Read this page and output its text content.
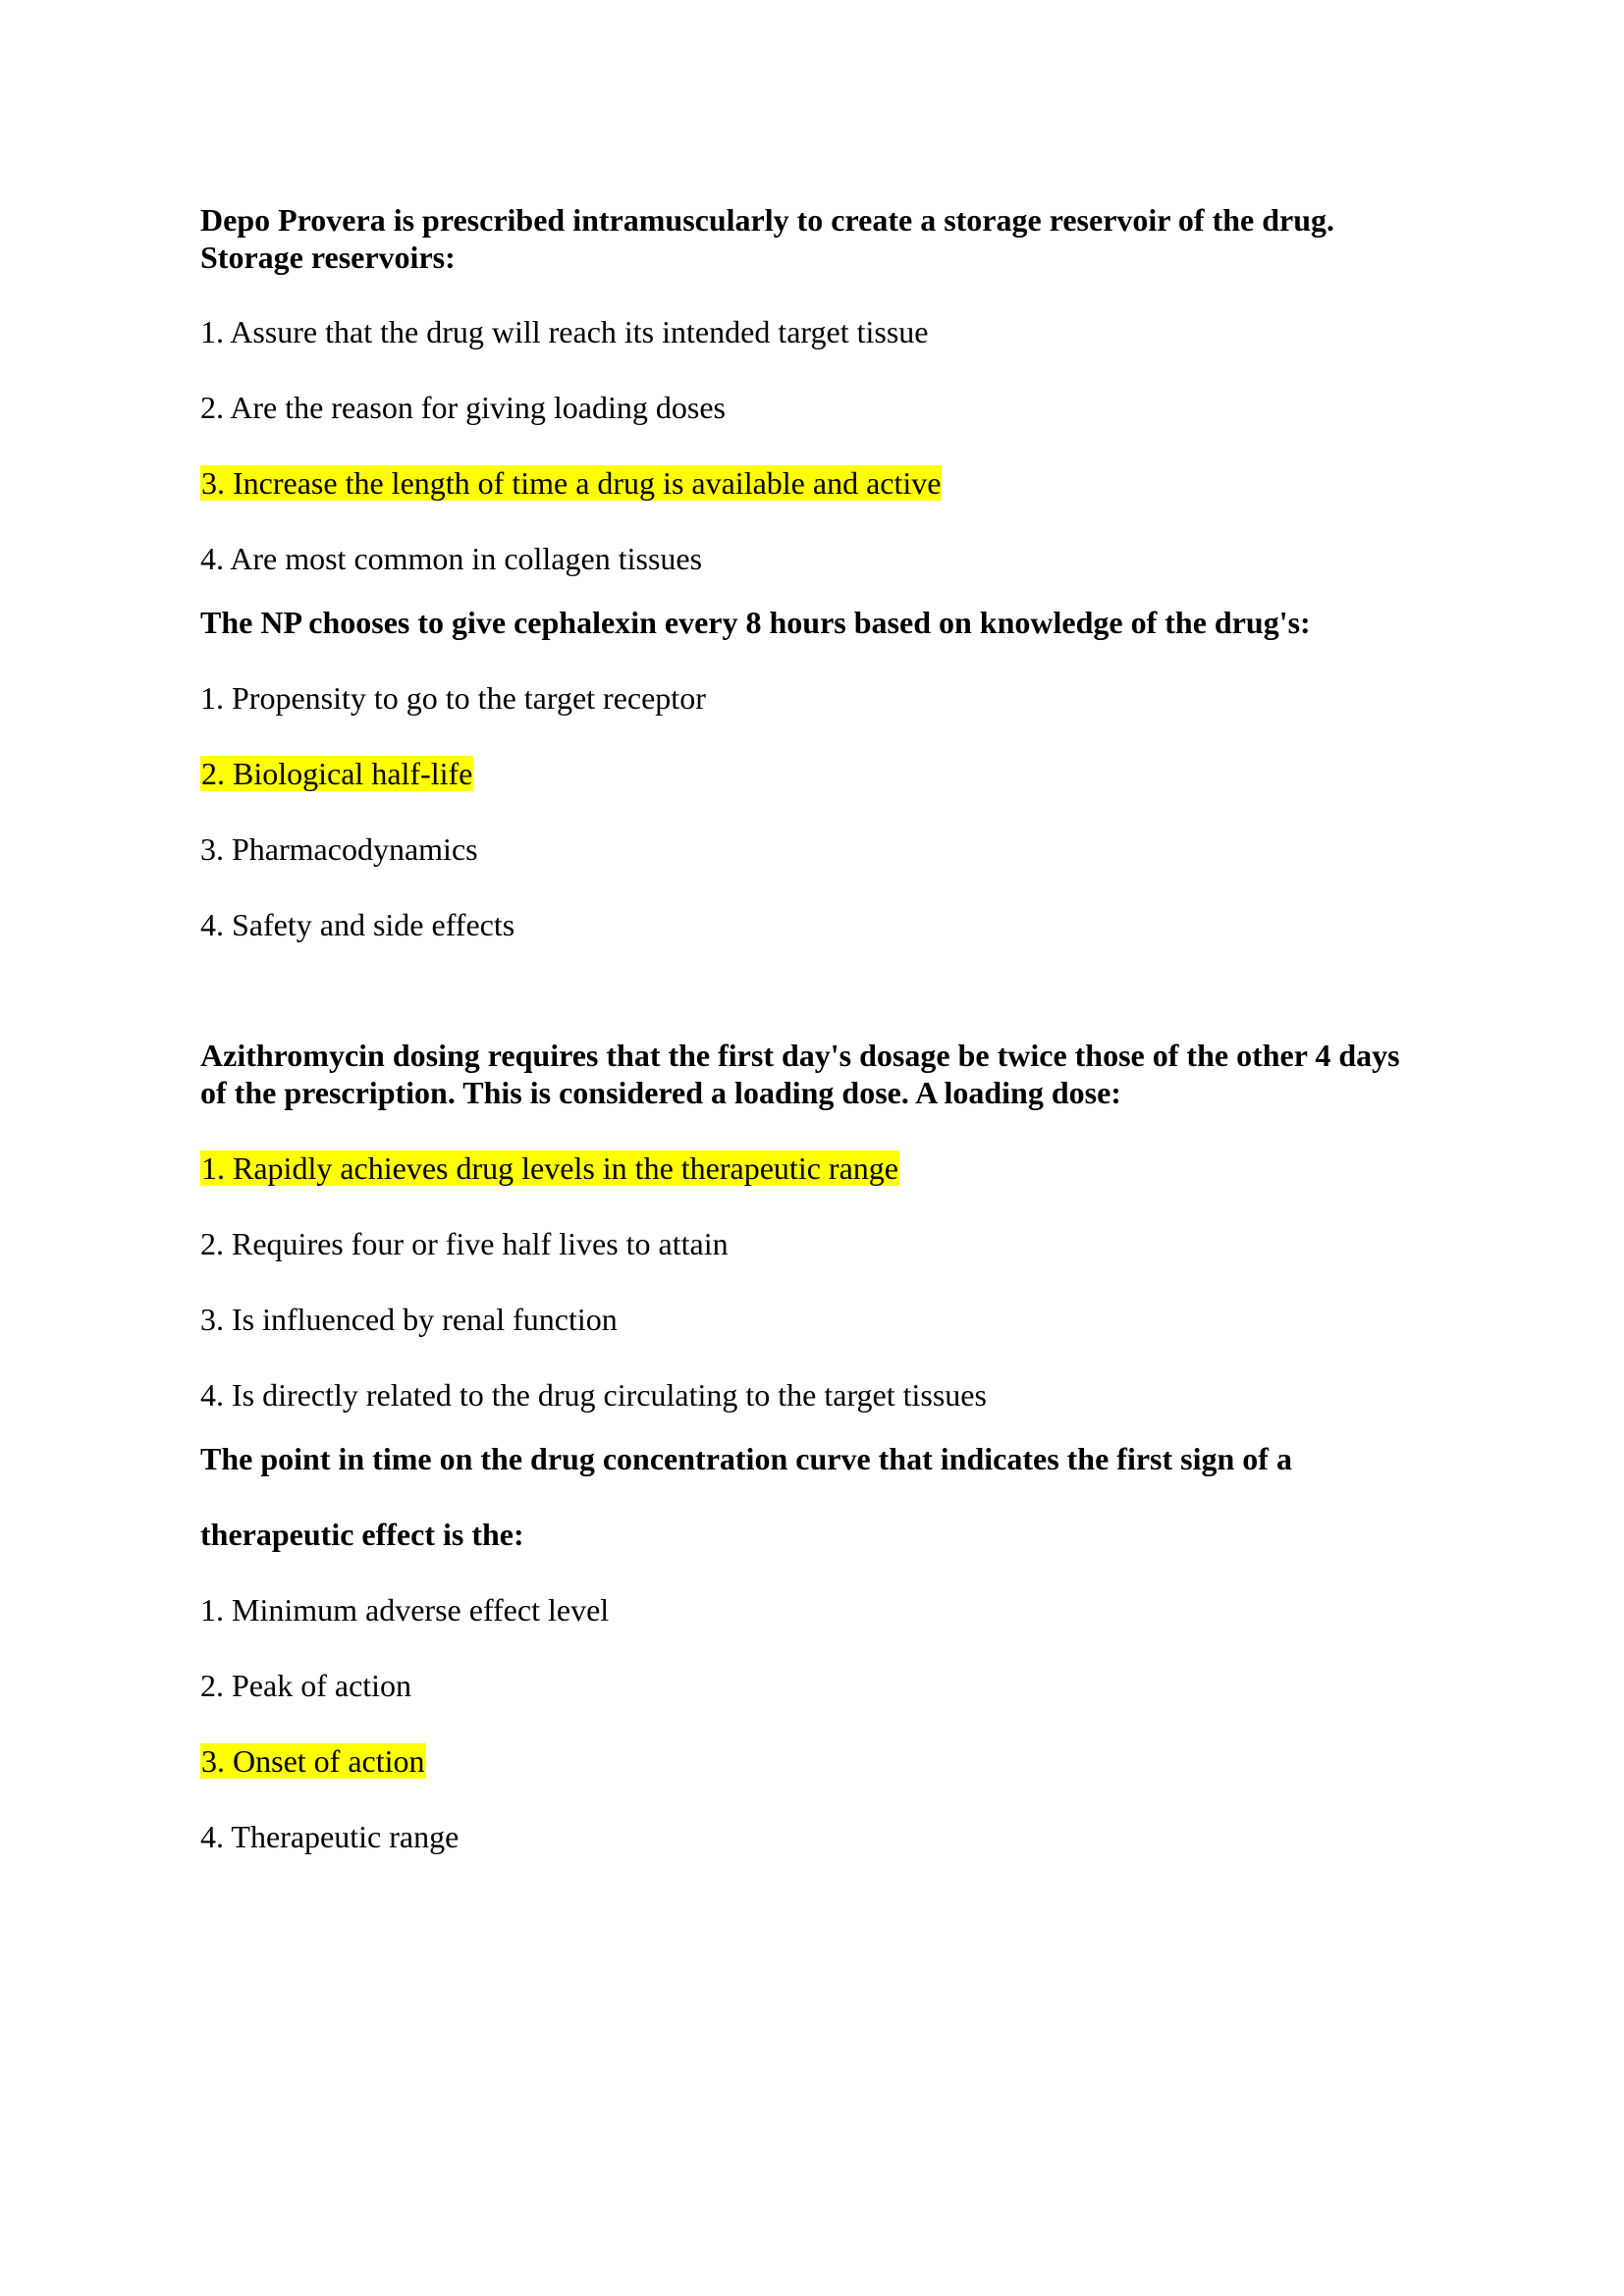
Depo Provera is prescribed intramuscularly to create a storage reservoir of the drug.
Storage reservoirs:
1. Assure that the drug will reach its intended target tissue
2. Are the reason for giving loading doses
3. Increase the length of time a drug is available and active
4. Are most common in collagen tissues
The NP chooses to give cephalexin every 8 hours based on knowledge of the drug's:
1. Propensity to go to the target receptor
2. Biological half-life
3. Pharmacodynamics
4. Safety and side effects
Azithromycin dosing requires that the first day's dosage be twice those of the other 4 days
of the prescription. This is considered a loading dose. A loading dose:
1. Rapidly achieves drug levels in the therapeutic range
2. Requires four or five half lives to attain
3. Is influenced by renal function
4. Is directly related to the drug circulating to the target tissues
The point in time on the drug concentration curve that indicates the first sign of a
therapeutic effect is the:
1. Minimum adverse effect level
2. Peak of action
3. Onset of action
4. Therapeutic range
